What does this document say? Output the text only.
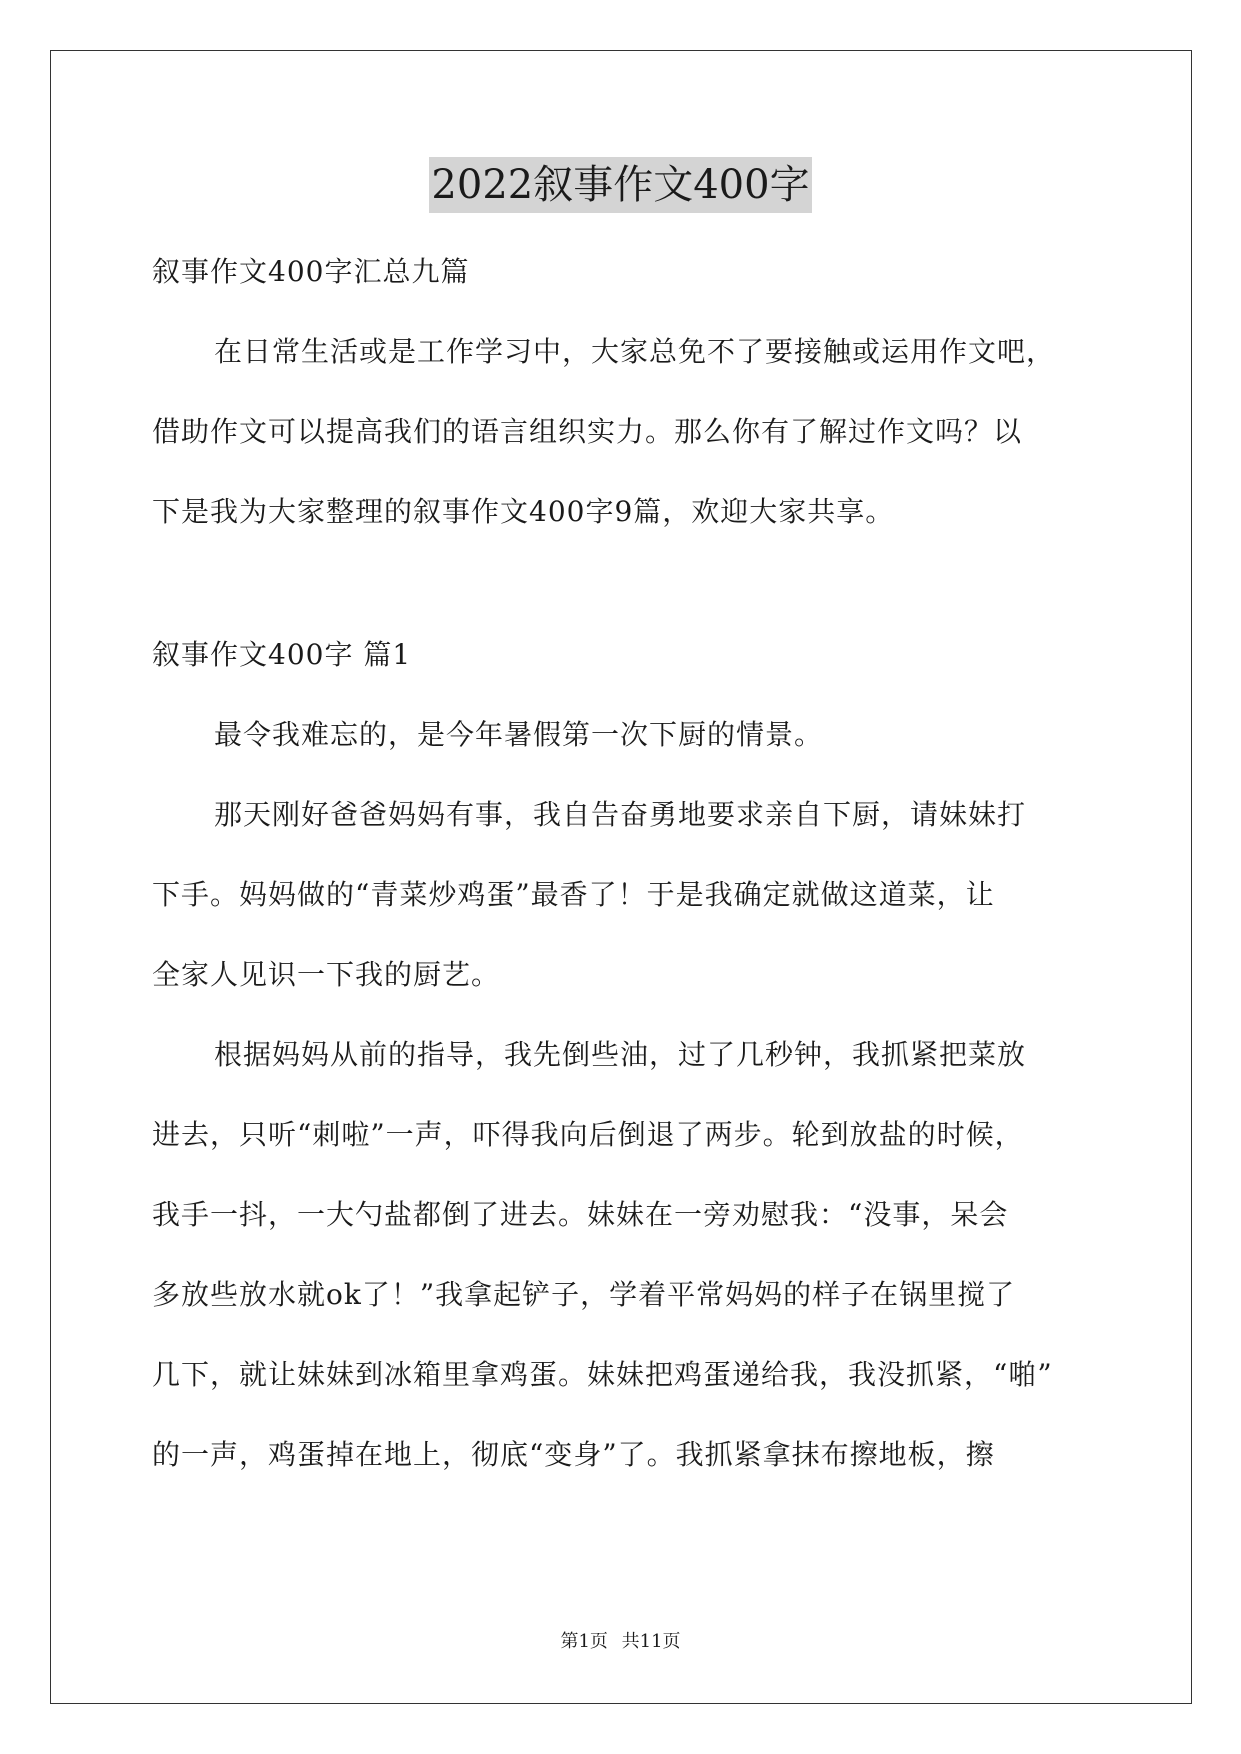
2022叙事作文400字
叙事作文400字汇总九篇
在日常生活或是工作学习中，大家总免不了要接触或运用作文吧，
借助作文可以提高我们的语言组织实力。那么你有了解过作文吗？以
下是我为大家整理的叙事作文400字9篇，欢迎大家共享。
叙事作文400字 篇1
最令我难忘的，是今年暑假第一次下厨的情景。
那天刚好爸爸妈妈有事，我自告奋勇地要求亲自下厨，请妹妹打
下手。妈妈做的“青菜炒鸡蛋”最香了！于是我确定就做这道菜，让
全家人见识一下我的厨艺。
根据妈妈从前的指导，我先倒些油，过了几秒钟，我抓紧把菜放
进去，只听“刺啦”一声，吓得我向后倒退了两步。轮到放盐的时候，
我手一抖，一大勺盐都倒了进去。妹妹在一旁劝慰我：“没事，呆会
多放些放水就ok了！”我拿起铲子，学着平常妈妈的样子在锅里搅了
几下，就让妹妹到冰箱里拿鸡蛋。妹妹把鸡蛋递给我，我没抓紧，“啪”
的一声，鸡蛋掉在地上，彻底“变身”了。我抓紧拿抹布擦地板，擦
第1页 共11页
